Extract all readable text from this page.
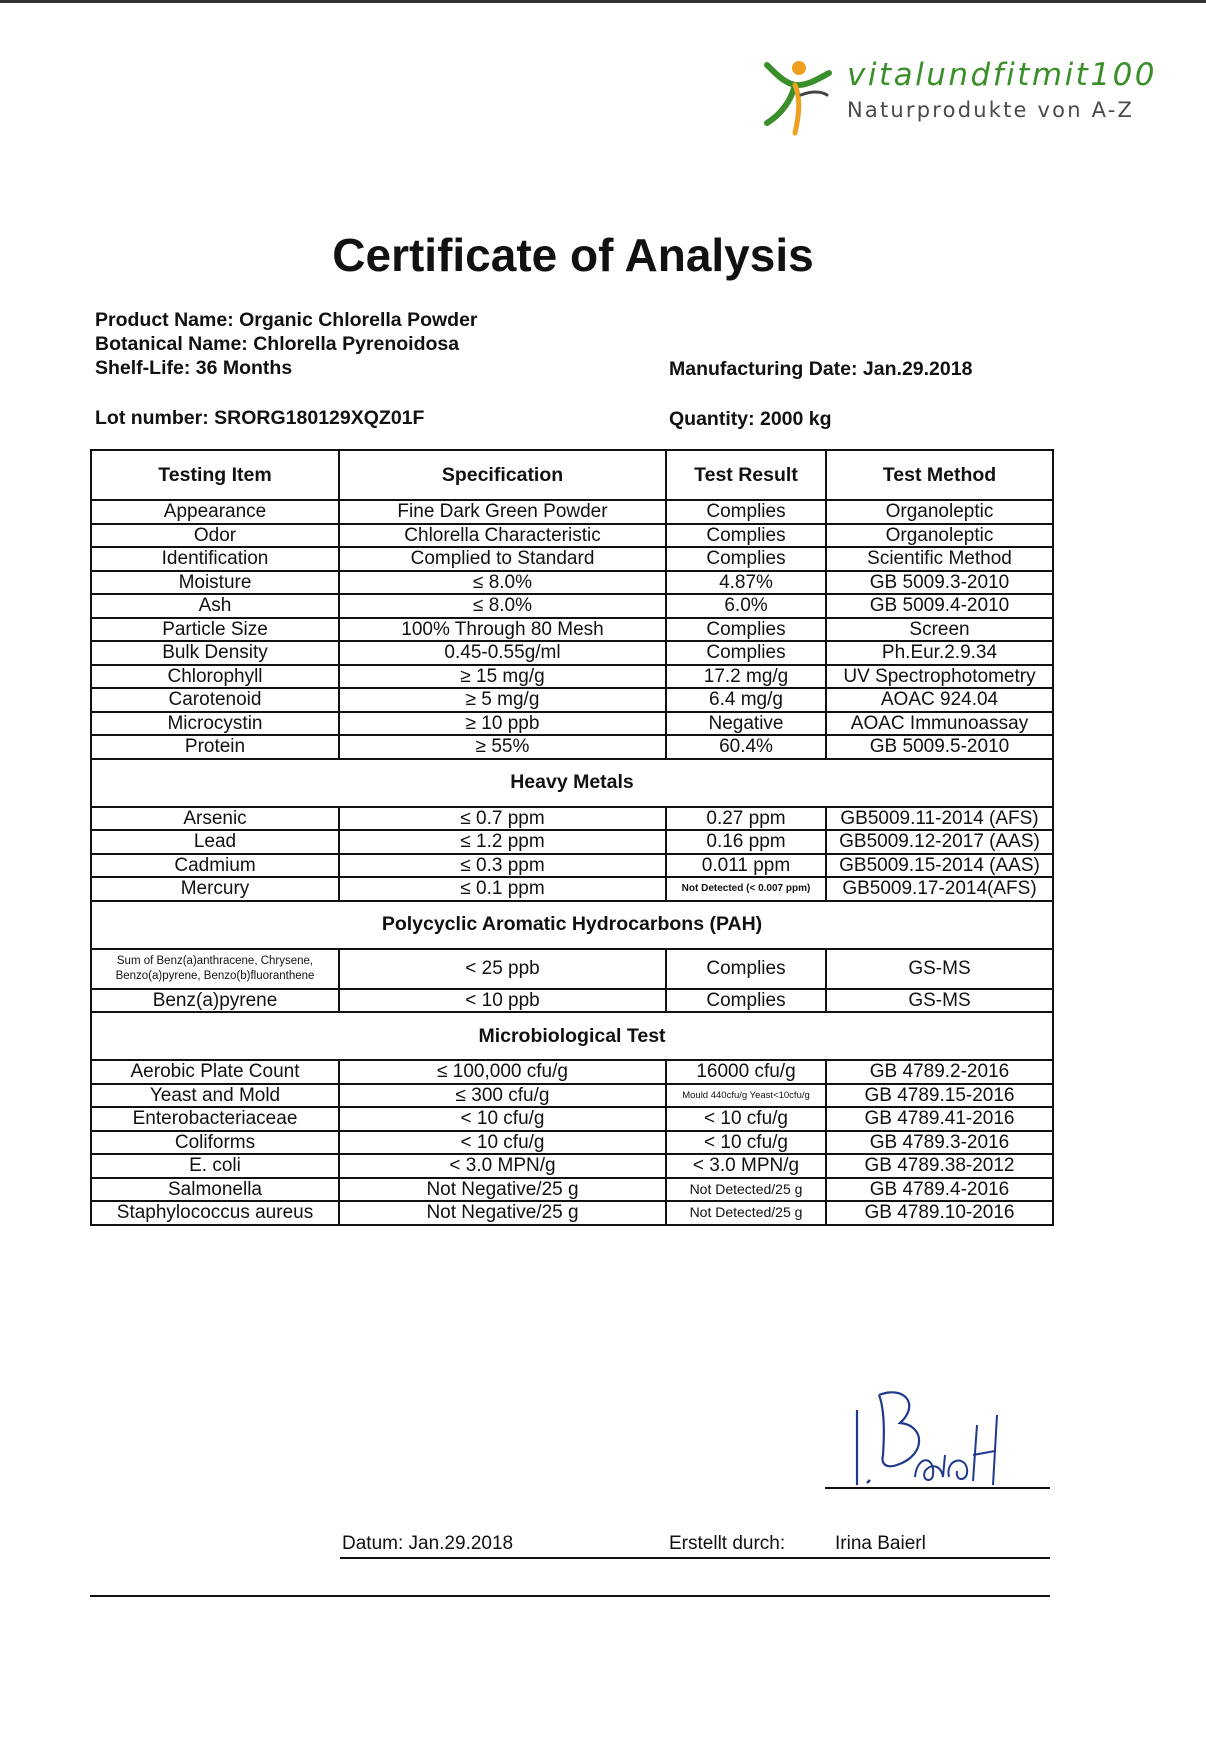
vitalundfitmit100
Naturprodukte von A-Z
Certificate of Analysis
Product Name: Organic Chlorella Powder
Botanical Name: Chlorella Pyrenoidosa
Shelf-Life: 36 Months	Manufacturing Date: Jan.29.2018
Lot number: SRORG180129XQZ01F	Quantity: 2000 kg
Testing Item	Specification	Test Result	Test Method
Appearance	Fine Dark Green Powder	Complies	Organoleptic
Odor	Chlorella Characteristic	Complies	Organoleptic
Identification	Complied to Standard	Complies	Scientific Method
Moisture	≤ 8.0%	4.87%	GB 5009.3-2010
Ash	≤ 8.0%	6.0%	GB 5009.4-2010
Particle Size	100% Through 80 Mesh	Complies	Screen
Bulk Density	0.45-0.55g/ml	Complies	Ph.Eur.2.9.34
Chlorophyll	≥ 15 mg/g	17.2 mg/g	UV Spectrophotometry
Carotenoid	≥ 5 mg/g	6.4 mg/g	AOAC 924.04
Microcystin	≥ 10 ppb	Negative	AOAC Immunoassay
Protein	≥ 55%	60.4%	GB 5009.5-2010
Heavy Metals			
Arsenic	≤ 0.7 ppm	0.27 ppm	GB5009.11-2014 (AFS)
Lead	≤ 1.2 ppm	0.16 ppm	GB5009.12-2017 (AAS)
Cadmium	≤ 0.3 ppm	0.011 ppm	GB5009.15-2014 (AAS)
Mercury	≤ 0.1 ppm	Not Detected (< 0.007 ppm)	GB5009.17-2014(AFS)
Polycyclic Aromatic Hydrocarbons (PAH)			
Sum of Benz(a)anthracene, Chrysene, Benzo(a)pyrene, Benzo(b)fluoranthene	< 25 ppb	Complies	GS-MS
Benz(a)pyrene	< 10 ppb	Complies	GS-MS
Microbiological Test			
Aerobic Plate Count	≤ 100,000 cfu/g	16000 cfu/g	GB 4789.2-2016
Yeast and Mold	≤ 300 cfu/g	Mould 440cfu/g Yeast<10cfu/g	GB 4789.15-2016
Enterobacteriaceae	< 10 cfu/g	< 10 cfu/g	GB 4789.41-2016
Coliforms	< 10 cfu/g	< 10 cfu/g	GB 4789.3-2016
E. coli	< 3.0 MPN/g	< 3.0 MPN/g	GB 4789.38-2012
Salmonella	Not Negative/25 g	Not Detected/25 g	GB 4789.4-2016
Staphylococcus aureus	Not Negative/25 g	Not Detected/25 g	GB 4789.10-2016
Datum: Jan.29.2018	Erstellt durch:	Irina Baierl
